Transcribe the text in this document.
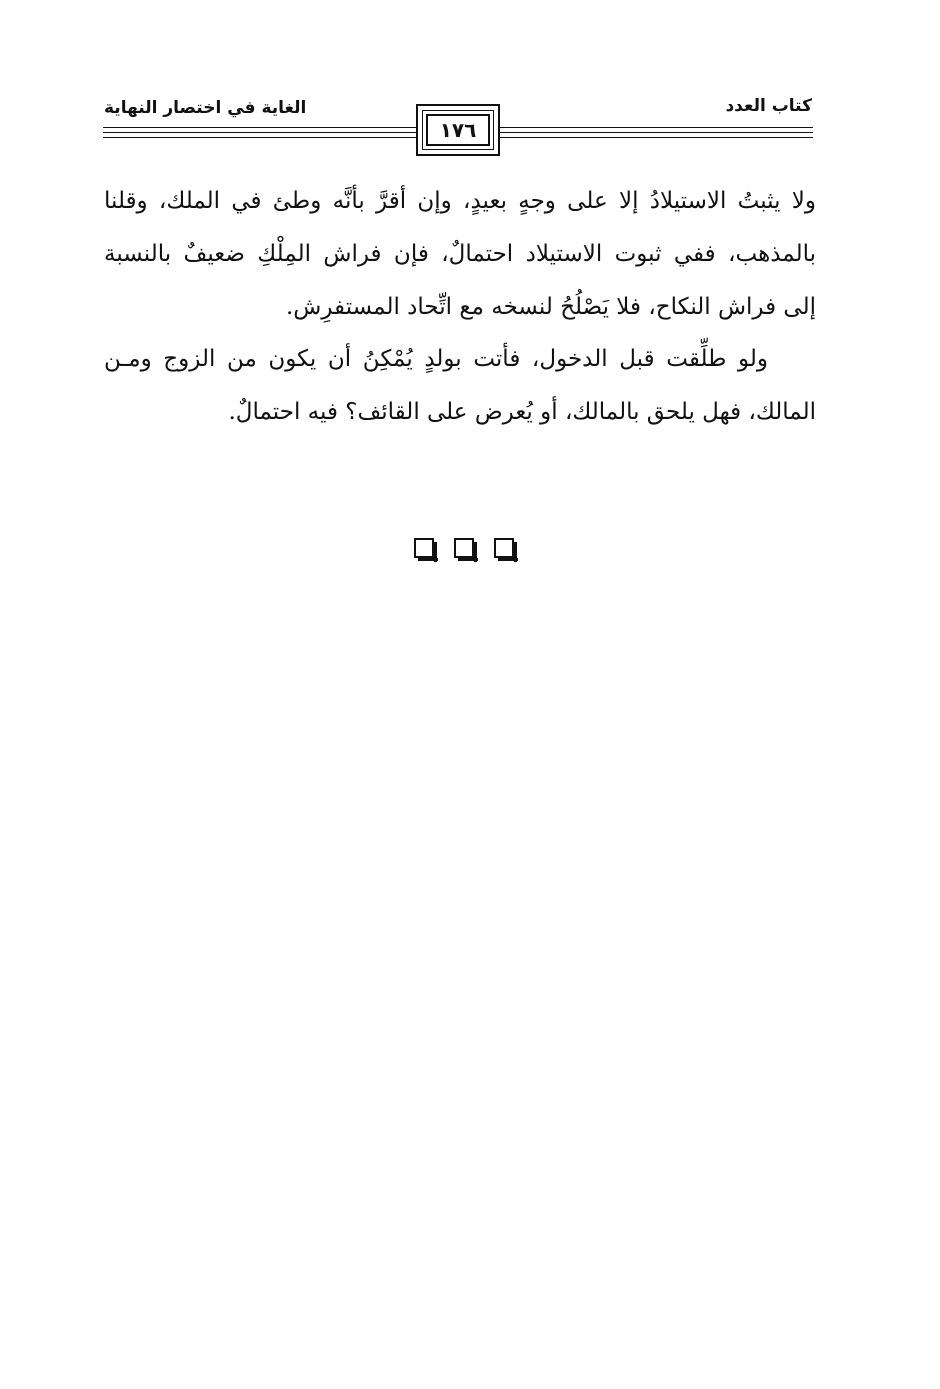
كتاب العدد
الغاية في اختصار النهاية
١٧٦
ولا يثبتُ الاستيلادُ إلا على وجهٍ بعيدٍ، وإن أقرَّ بأنَّه وطئ في الملك، وقلنا
بالمذهب، ففي ثبوت الاستيلاد احتمالٌ، فإن فراش المِلْكِ ضعيفٌ بالنسبة
إلى فراش النكاح، فلا يَصْلُحُ لنسخه مع اتِّحاد المستفرِش.
ولو طلِّقت قبل الدخول، فأتت بولدٍ يُمْكِنُ أن يكون من الزوج ومـن
المالك، فهل يلحق بالمالك، أو يُعرض على القائف؟ فيه احتمالٌ.
